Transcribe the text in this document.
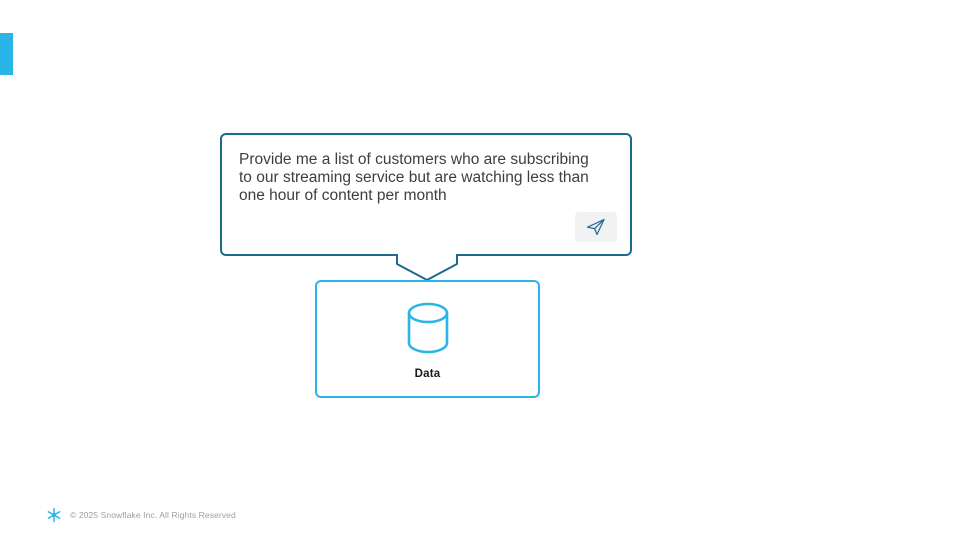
Provide me a list of customers who are subscribing to our streaming service but are watching less than one hour of content per month
Data
© 2025 Snowflake Inc. All Rights Reserved
